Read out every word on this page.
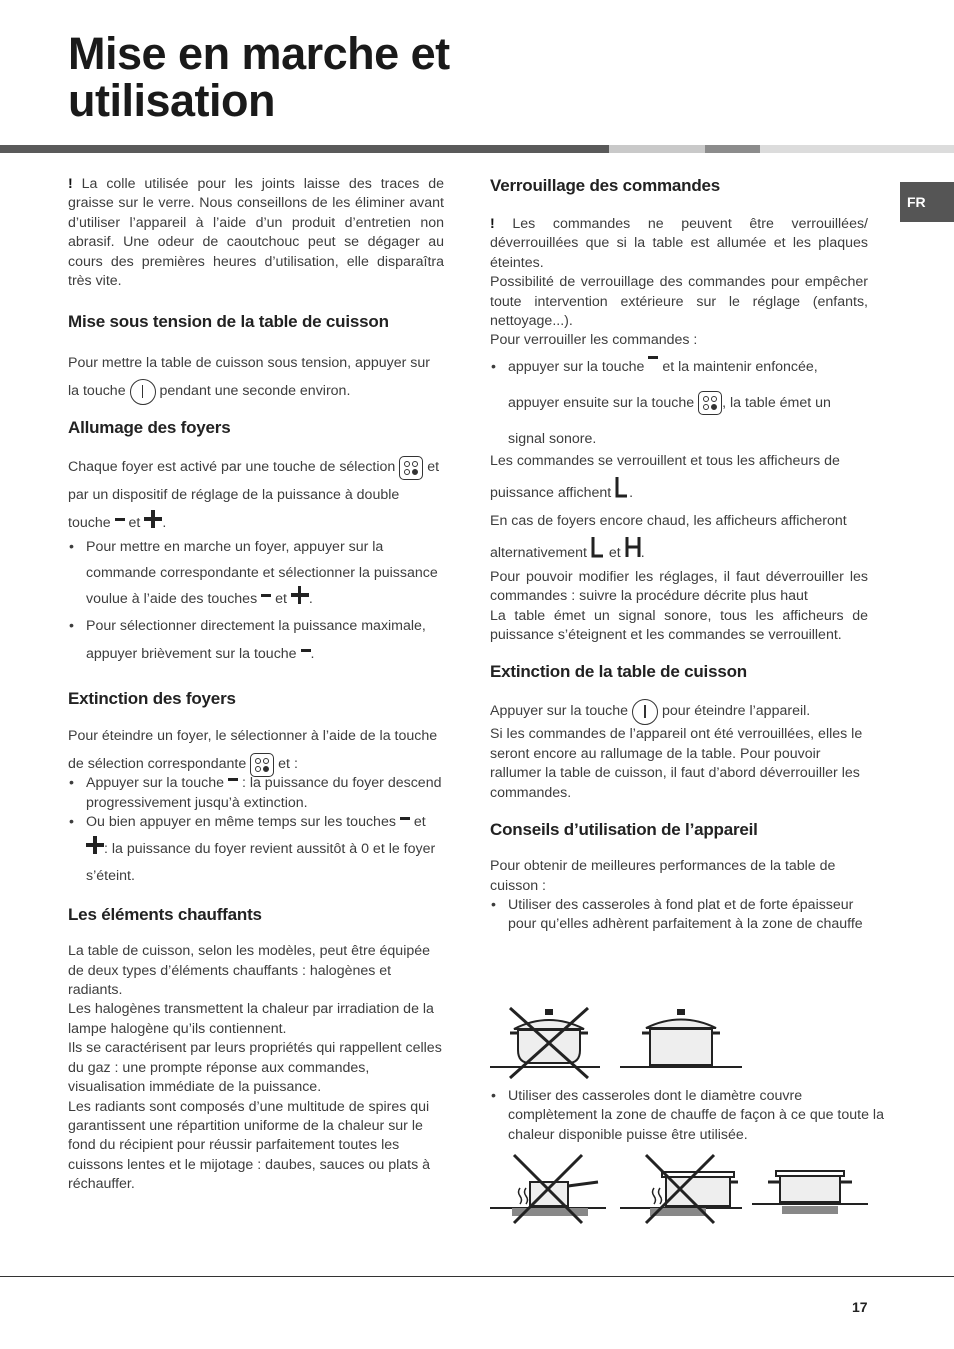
Mise en marche et
utilisation
FR

! La colle utilisée pour les joints laisse des traces de graisse sur le verre. Nous conseillons de les éliminer avant d’utiliser l’appareil à l’aide d’un produit d’entretien non abrasif. Une odeur de caoutchouc peut se dégager au cours des premières heures d’utilisation, elle disparaîtra très vite.

Mise sous tension de la table de cuisson

Pour mettre la table de cuisson sous tension, appuyer sur la touche pendant une seconde environ.

Allumage des foyers

Chaque foyer est activé par une touche de sélection et par un dispositif de réglage de la puissance à double touche et .

• Pour mettre en marche un foyer, appuyer sur la commande correspondante et sélectionner la puissance voulue à l’aide des touches et .

• Pour sélectionner directement la puissance maximale, appuyer brièvement sur la touche .

Extinction des foyers

Pour éteindre un foyer, le sélectionner à l’aide de la touche de sélection correspondante et :

• Appuyer sur la touche : la puissance du foyer descend progressivement jusqu’à extinction.

• Ou bien appuyer en même temps sur les touches et : la puissance du foyer revient aussitôt à 0 et le foyer s’éteint.

Les éléments chauffants

La table de cuisson, selon les modèles, peut être équipée de deux types d’éléments chauffants : halogènes et radiants.

Les halogènes transmettent la chaleur par irradiation de la lampe halogène qu’ils contiennent.

Ils se caractérisent par leurs propriétés qui rappellent celles du gaz : une prompte réponse aux commandes, visualisation immédiate de la puissance.

Les radiants sont composés d’une multitude de spires qui garantissent une répartition uniforme de la chaleur sur le fond du récipient pour réussir parfaitement toutes les cuissons lentes et le mijotage : daubes, sauces ou plats à réchauffer.

Verrouillage des commandes

! Les commandes ne peuvent être verrouillées/ déverrouillées que si la table est allumée et les plaques éteintes.

Possibilité de verrouillage des commandes pour empêcher toute intervention extérieure sur le réglage (enfants, nettoyage...).

Pour verrouiller les commandes :

• appuyer sur la touche et la maintenir enfoncée, appuyer ensuite sur la touche , la table émet un signal sonore.

Les commandes se verrouillent et tous les afficheurs de puissance affichent .

En cas de foyers encore chaud, les afficheurs afficheront alternativement et .

Pour pouvoir modifier les réglages, il faut déverrouiller les commandes : suivre la procédure décrite plus haut

La table émet un signal sonore, tous les afficheurs de puissance s’éteignent et les commandes se verrouillent.

Extinction de la table de cuisson

Appuyer sur la touche pour éteindre l’appareil.

Si les commandes de l’appareil ont été verrouillées, elles le seront encore au rallumage de la table. Pour pouvoir rallumer la table de cuisson, il faut d’abord déverrouiller les commandes.

Conseils d’utilisation de l’appareil

Pour obtenir de meilleures performances de la table de cuisson :

• Utiliser des casseroles à fond plat et de forte épaisseur pour qu’elles adhèrent parfaitement à la zone de chauffe

• Utiliser des casseroles dont le diamètre couvre complètement la zone de chauffe de façon à ce que toute la chaleur disponible puisse être utilisée.

17
